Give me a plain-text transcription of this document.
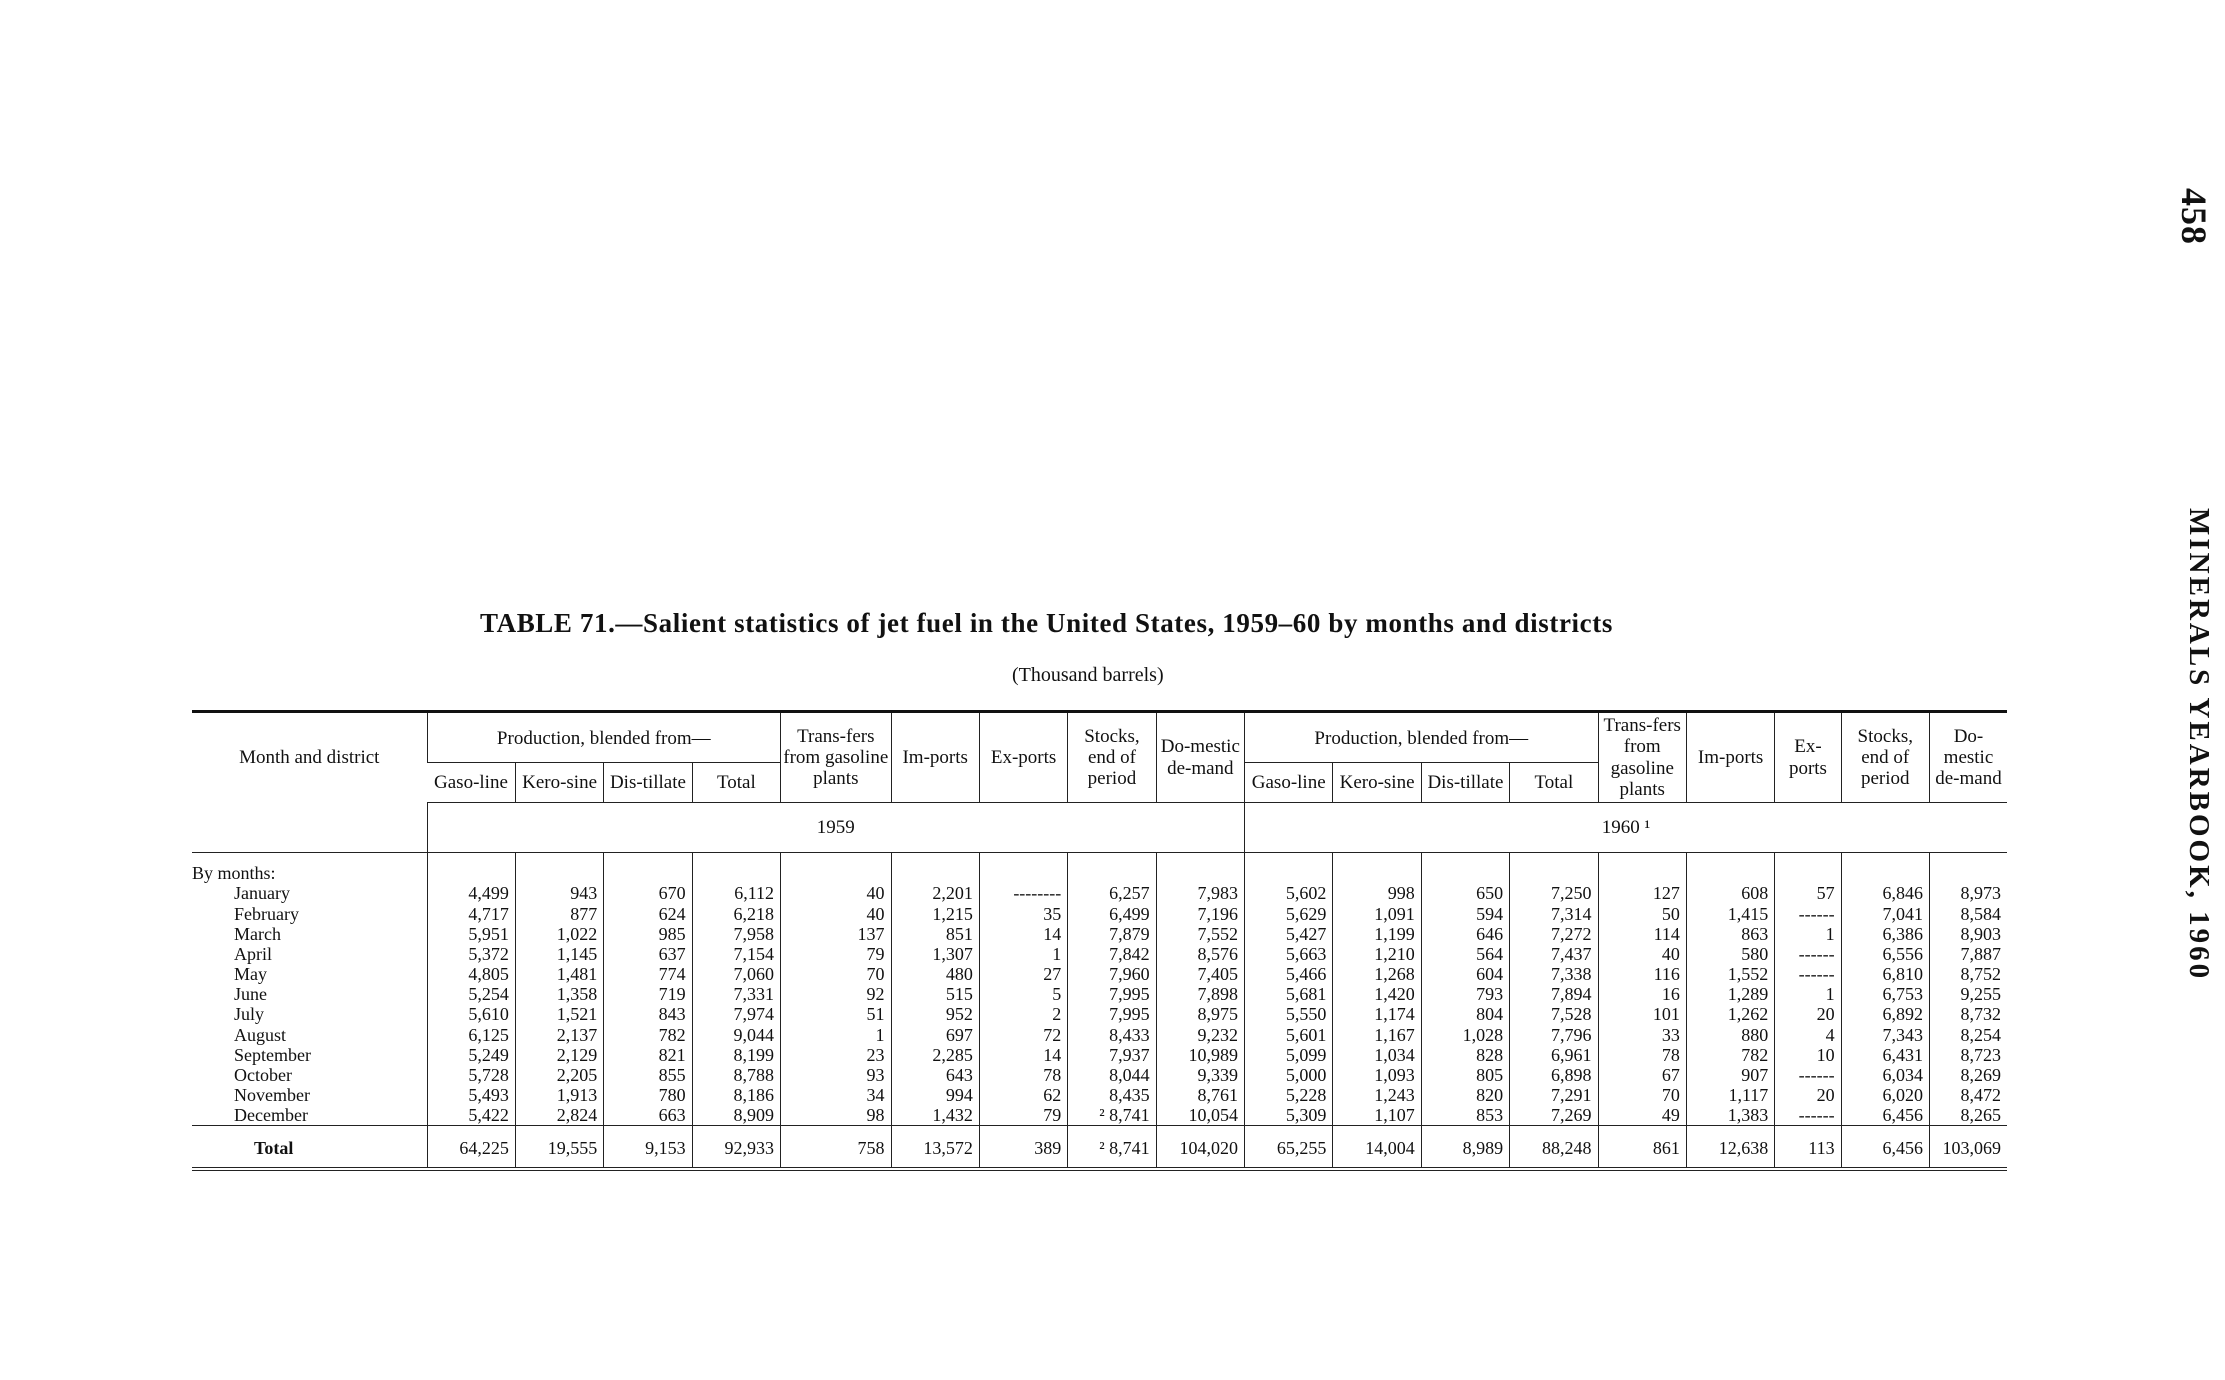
458
MINERALS YEARBOOK, 1960
TABLE 71.—Salient statistics of jet fuel in the United States, 1959–60 by months and districts
(Thousand barrels)
Month and district	Production, blended from—				Trans-fers from gasoline plants	Im-ports	Ex-ports	Stocks, end of period	Do-mestic de-mand	Production, blended from—				Trans-fers from gasoline plants	Im-ports	Ex-ports	Stocks, end of period	Do-mestic de-mand
	Gaso-line	Kero-sine	Dis-tillate	Total						Gaso-line	Kero-sine	Dis-tillate	Total					
	1959									1960 ¹								
By months:																		
January	4,499	943	670	6,112	40	2,201	--------	6,257	7,983	5,602	998	650	7,250	127	608	57	6,846	8,973
February	4,717	877	624	6,218	40	1,215	35	6,499	7,196	5,629	1,091	594	7,314	50	1,415	------	7,041	8,584
March	5,951	1,022	985	7,958	137	851	14	7,879	7,552	5,427	1,199	646	7,272	114	863	1	6,386	8,903
April	5,372	1,145	637	7,154	79	1,307	1	7,842	8,576	5,663	1,210	564	7,437	40	580	------	6,556	7,887
May	4,805	1,481	774	7,060	70	480	27	7,960	7,405	5,466	1,268	604	7,338	116	1,552	------	6,810	8,752
June	5,254	1,358	719	7,331	92	515	5	7,995	7,898	5,681	1,420	793	7,894	16	1,289	1	6,753	9,255
July	5,610	1,521	843	7,974	51	952	2	7,995	8,975	5,550	1,174	804	7,528	101	1,262	20	6,892	8,732
August	6,125	2,137	782	9,044	1	697	72	8,433	9,232	5,601	1,167	1,028	7,796	33	880	4	7,343	8,254
September	5,249	2,129	821	8,199	23	2,285	14	7,937	10,989	5,099	1,034	828	6,961	78	782	10	6,431	8,723
October	5,728	2,205	855	8,788	93	643	78	8,044	9,339	5,000	1,093	805	6,898	67	907	------	6,034	8,269
November	5,493	1,913	780	8,186	34	994	62	8,435	8,761	5,228	1,243	820	7,291	70	1,117	20	6,020	8,472
December	5,422	2,824	663	8,909	98	1,432	79	² 8,741	10,054	5,309	1,107	853	7,269	49	1,383	------	6,456	8,265
Total	64,225	19,555	9,153	92,933	758	13,572	389	² 8,741	104,020	65,255	14,004	8,989	88,248	861	12,638	113	6,456	103,069
